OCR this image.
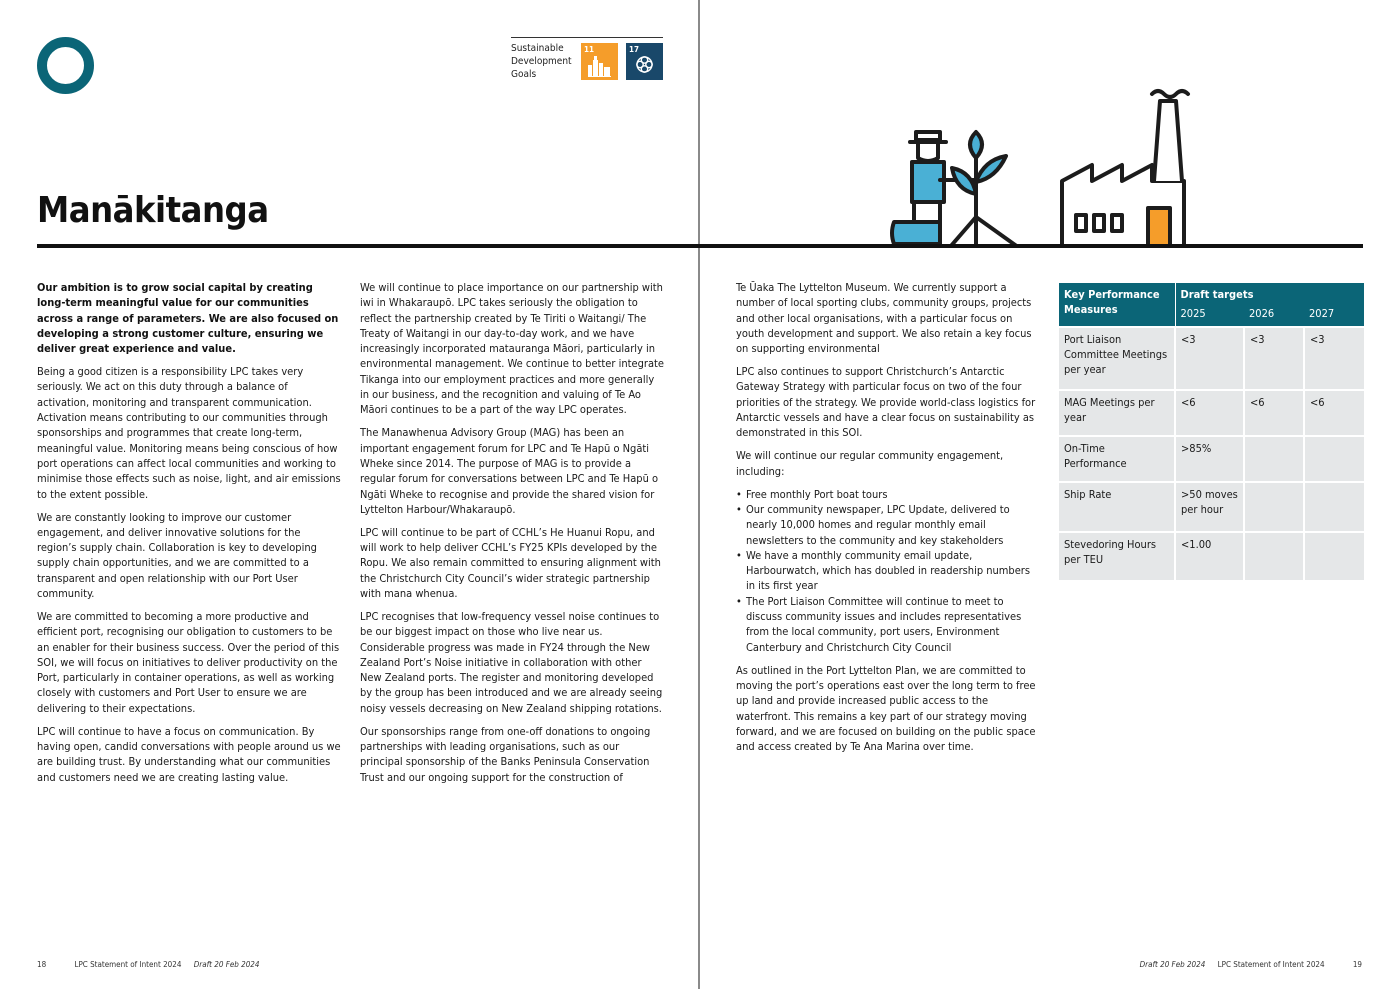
Sustainable
Development
Goals
11	17
Manākitanga

Our ambition is to grow social capital by creating long-term meaningful value for our communities across a range of parameters. We are also focused on developing a strong customer culture, ensuring we deliver great experience and value.

Being a good citizen is a responsibility LPC takes very seriously. We act on this duty through a balance of activation, monitoring and transparent communication. Activation means contributing to our communities through sponsorships and programmes that create long-term, meaningful value. Monitoring means being conscious of how port operations can affect local communities and working to minimise those effects such as noise, light, and air emissions to the extent possible.

We are constantly looking to improve our customer engagement, and deliver innovative solutions for the region’s supply chain. Collaboration is key to developing supply chain opportunities, and we are committed to a transparent and open relationship with our Port User community.

We are committed to becoming a more productive and efficient port, recognising our obligation to customers to be an enabler for their business success. Over the period of this SOI, we will focus on initiatives to deliver productivity on the Port, particularly in container operations, as well as working closely with customers and Port User to ensure we are delivering to their expectations.

LPC will continue to have a focus on communication. By having open, candid conversations with people around us we are building trust. By understanding what our communities and customers need we are creating lasting value.

We will continue to place importance on our partnership with iwi in Whakaraupō. LPC takes seriously the obligation to reflect the partnership created by Te Tiriti o Waitangi/ The Treaty of Waitangi in our day-to-day work, and we have increasingly incorporated matauranga Māori, particularly in environmental management. We continue to better integrate Tikanga into our employment practices and more generally in our business, and the recognition and valuing of Te Ao Māori continues to be a part of the way LPC operates.

The Manawhenua Advisory Group (MAG) has been an important engagement forum for LPC and Te Hapū o Ngāti Wheke since 2014. The purpose of MAG is to provide a regular forum for conversations between LPC and Te Hapū o Ngāti Wheke to recognise and provide the shared vision for Lyttelton Harbour/Whakaraupō.

LPC will continue to be part of CCHL’s He Huanui Ropu, and will work to help deliver CCHL’s FY25 KPIs developed by the Ropu. We also remain committed to ensuring alignment with the Christchurch City Council’s wider strategic partnership with mana whenua.

LPC recognises that low-frequency vessel noise continues to be our biggest impact on those who live near us. Considerable progress was made in FY24 through the New Zealand Port’s Noise initiative in collaboration with other New Zealand ports. The register and monitoring developed by the group has been introduced and we are already seeing noisy vessels decreasing on New Zealand shipping rotations.

Our sponsorships range from one-off donations to ongoing partnerships with leading organisations, such as our principal sponsorship of the Banks Peninsula Conservation Trust and our ongoing support for the construction of

Te Ūaka The Lyttelton Museum. We currently support a number of local sporting clubs, community groups, projects and other local organisations, with a particular focus on youth development and support. We also retain a key focus on supporting environmental

LPC also continues to support Christchurch’s Antarctic Gateway Strategy with particular focus on two of the four priorities of the strategy. We provide world-class logistics for Antarctic vessels and have a clear focus on sustainability as demonstrated in this SOI.

We will continue our regular community engagement, including:

• Free monthly Port boat tours
• Our community newspaper, LPC Update, delivered to nearly 10,000 homes and regular monthly email newsletters to the community and key stakeholders
• We have a monthly community email update, Harbourwatch, which has doubled in readership numbers in its first year
• The Port Liaison Committee will continue to meet to discuss community issues and includes representatives from the local community, port users, Environment Canterbury and Christchurch City Council

As outlined in the Port Lyttelton Plan, we are committed to moving the port’s operations east over the long term to free up land and provide increased public access to the waterfront. This remains a key part of our strategy moving forward, and we are focused on building on the public space and access created by Te Ana Marina over time.

Key Performance Measures	Draft targets		
	2025	2026	2027
Port Liaison Committee Meetings per year	<3	<3	<3
MAG Meetings per year	<6	<6	<6
On-Time Performance	>85%		
Ship Rate	>50 moves per hour		
Stevedoring Hours per TEU	<1.00		
18	LPC Statement of Intent 2024 Draft 20 Feb 2024	Draft 20 Feb 2024 LPC Statement of Intent 2024	19
